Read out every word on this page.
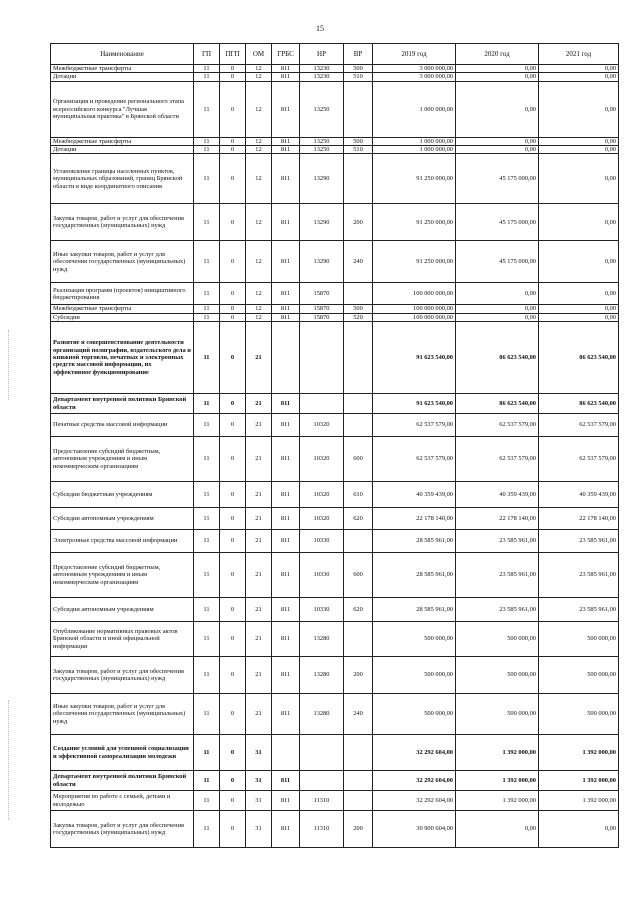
15
Наименование	ГП	ПГП	ОМ	ГРБС	НР	ВР	2019 год	2020 год	2021 год
Межбюджетные трансферты	11	0	12	811	13230	500	3 000 000,00	0,00	0,00
Дотации	11	0	12	811	13230	510	3 000 000,00	0,00	0,00
Организация и проведение регионального этапа всероссийского конкурса "Лучшая муниципальная практика" в Брянской области	11	0	12	811	13250		1 000 000,00	0,00	0,00
Межбюджетные трансферты	11	0	12	811	13250	500	1 000 000,00	0,00	0,00
Дотации	11	0	12	811	13250	510	1 000 000,00	0,00	0,00
Установление границы населенных пунктов, муниципальных образований, границ Брянской области в виде координатного описания	11	0	12	811	13290		91 250 000,00	45 175 000,00	0,00
Закупка товаров, работ и услуг для обеспечения государственных (муниципальных) нужд	11	0	12	811	13290	200	91 250 000,00	45 175 000,00	0,00
Иные закупки товаров, работ и услуг для обеспечения государственных (муниципальных) нужд	11	0	12	811	13290	240	91 250 000,00	45 175 000,00	0,00
Реализация программ (проектов) инициативного бюджетирования	11	0	12	811	15870		100 000 000,00	0,00	0,00
Межбюджетные трансферты	11	0	12	811	15870	500	100 000 000,00	0,00	0,00
Субсидии	11	0	12	811	15870	520	100 000 000,00	0,00	0,00
Развитие и совершенствование деятельности организаций полиграфии, издательского дела и книжной торговли, печатных и электронных средств массовой информации, их эффективное функционирование	11	0	21				91 623 540,00	86 623 540,00	86 623 540,00
Департамент внутренней политики Брянской области	11	0	21	811			91 623 540,00	86 623 540,00	86 623 540,00
Печатные средства массовой информации	11	0	21	811	10320		62 537 579,00	62 537 579,00	62 537 579,00
Предоставление субсидий бюджетным, автономным учреждениям и иным некоммерческим организациям	11	0	21	811	10320	600	62 537 579,00	62 537 579,00	62 537 579,00
Субсидии бюджетным учреждениям	11	0	21	811	10320	610	40 359 439,00	40 359 439,00	40 359 439,00
Субсидии автономным учреждениям	11	0	21	811	10320	620	22 178 140,00	22 178 140,00	22 178 140,00
Электронные средства массовой информации	11	0	21	811	10330		28 585 961,00	23 585 961,00	23 585 961,00
Предоставление субсидий бюджетным, автономным учреждениям и иным некоммерческим организациям	11	0	21	811	10330	600	28 585 961,00	23 585 961,00	23 585 961,00
Субсидии автономным учреждениям	11	0	21	811	10330	620	28 585 961,00	23 585 961,00	23 585 961,00
Опубликование нормативных правовых актов Брянской области и иной официальной информации	11	0	21	811	13280		500 000,00	500 000,00	500 000,00
Закупка товаров, работ и услуг для обеспечения государственных (муниципальных) нужд	11	0	21	811	13280	200	500 000,00	500 000,00	500 000,00
Иные закупки товаров, работ и услуг для обеспечения государственных (муниципальных) нужд	11	0	21	811	13280	240	500 000,00	500 000,00	500 000,00
Создание условий для успешной социализации и эффективной самореализации молодежи	11	0	31				32 292 604,00	1 392 000,00	1 392 000,00
Департамент внутренней политики Брянской области	11	0	31	811			32 292 604,00	1 392 000,00	1 392 000,00
Мероприятия по работе с семьей, детьми и молодежью	11	0	31	811	11310		32 292 604,00	1 392 000,00	1 392 000,00
Закупка товаров, работ и услуг для обеспечения государственных (муниципальных) нужд	11	0	31	811	11310	200	30 900 604,00	0,00	0,00
